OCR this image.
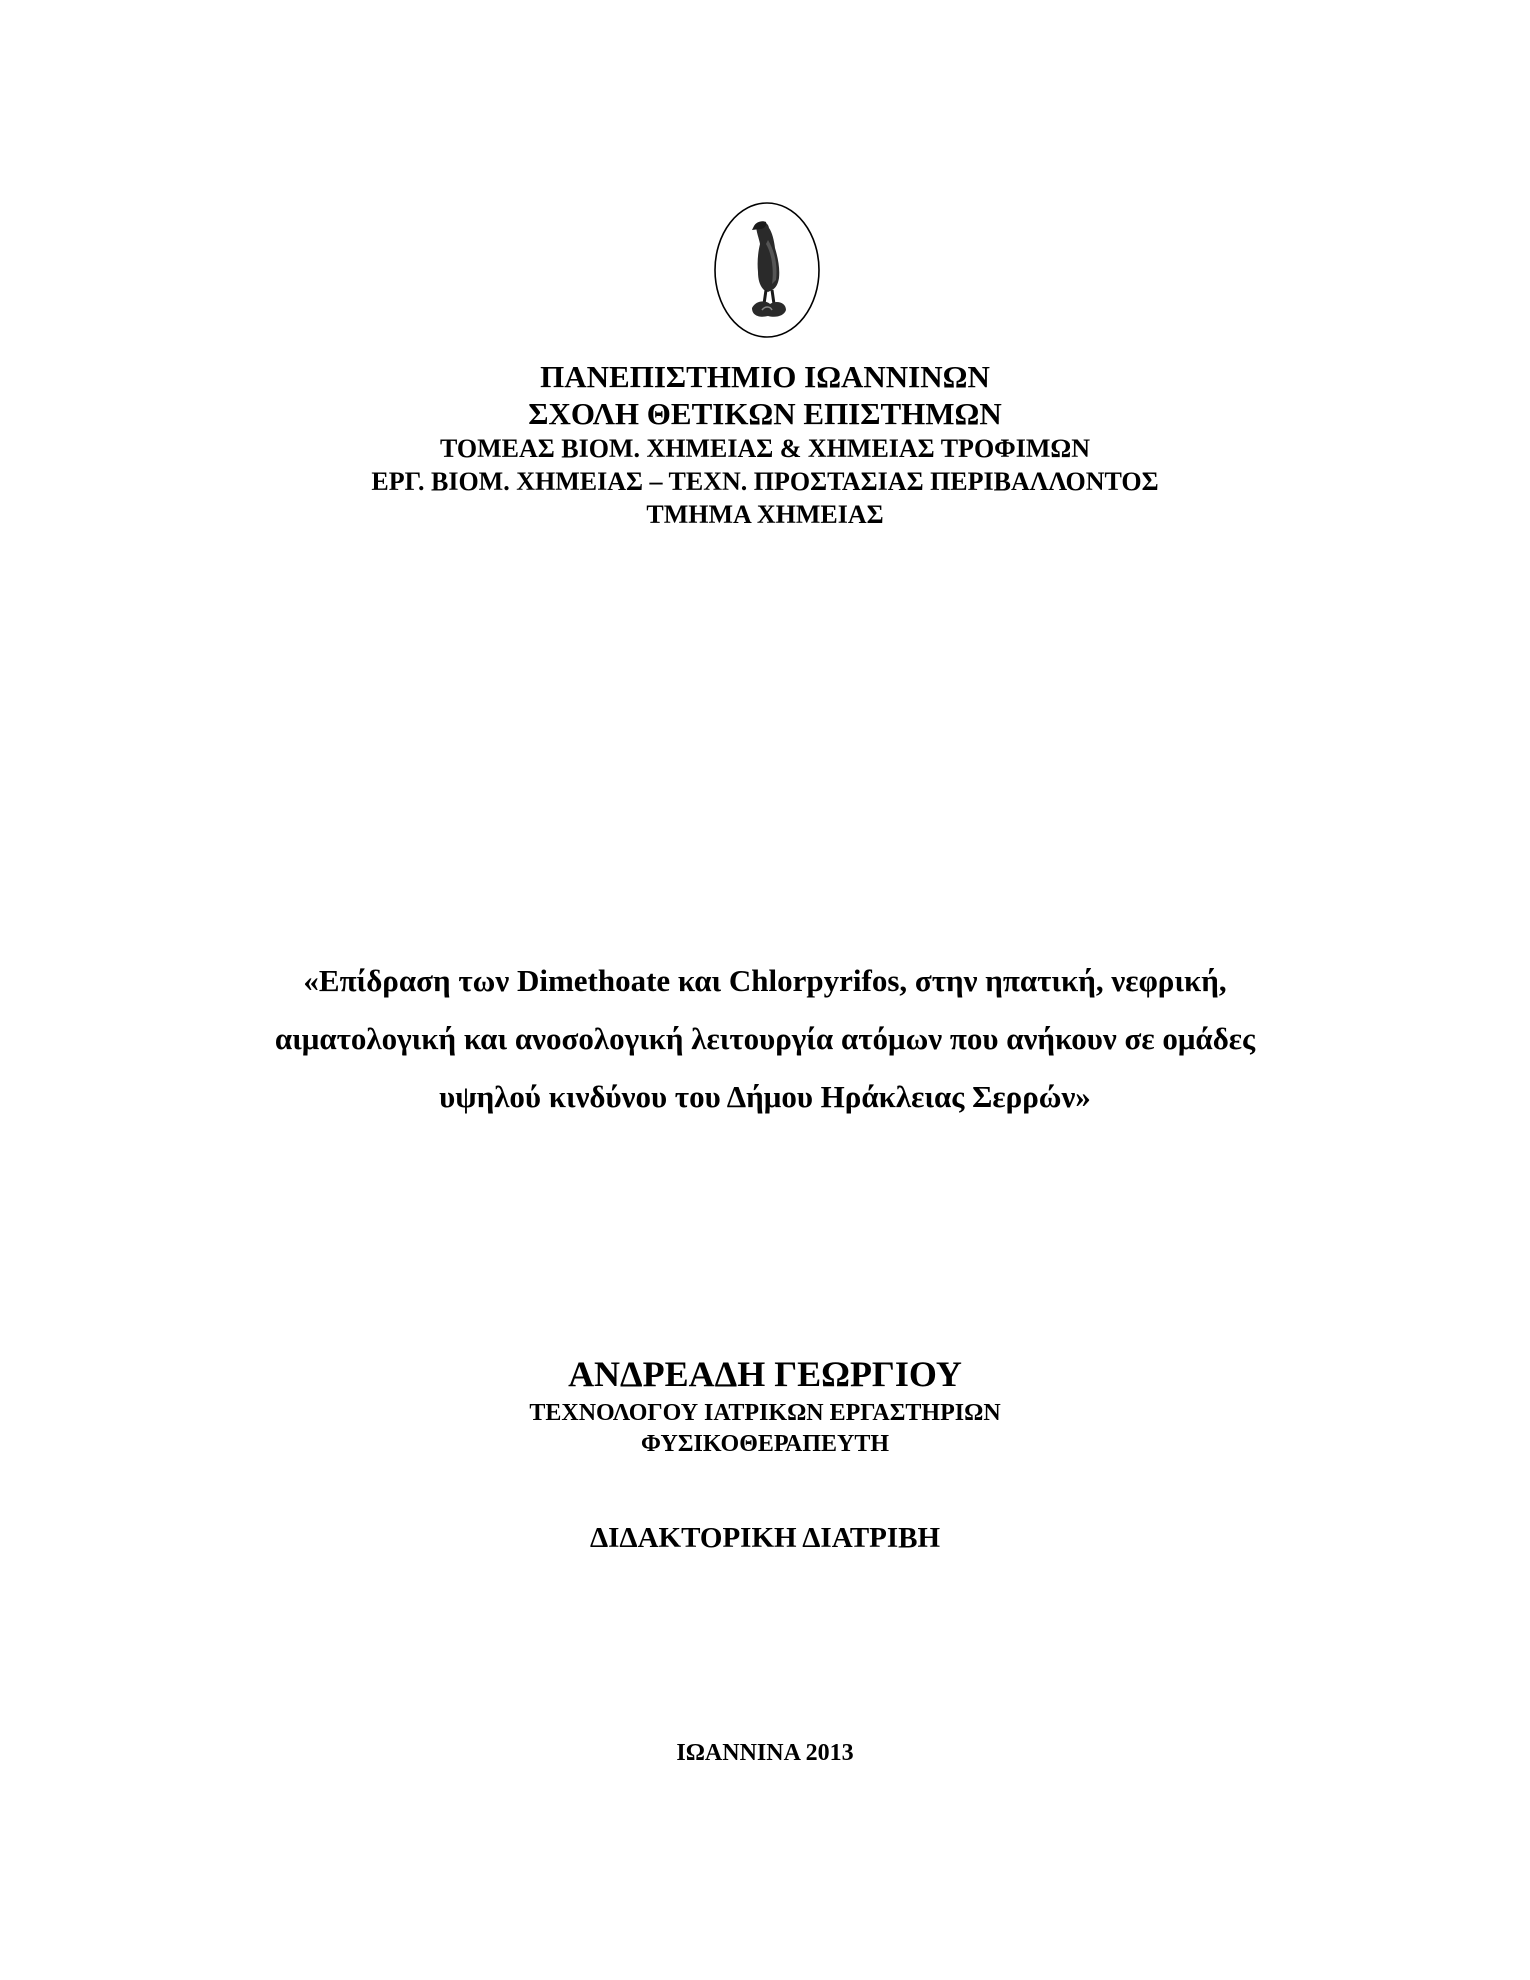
ΠΑΝΕΠΙΣΤΗΜΙΟ ΙΩΑΝΝΙΝΩΝ
ΣΧΟΛΗ ΘΕΤΙΚΩΝ ΕΠΙΣΤΗΜΩΝ
ΤΟΜΕΑΣ ΒΙΟΜ. ΧΗΜΕΙΑΣ & ΧΗΜΕΙΑΣ ΤΡΟΦΙΜΩΝ
ΕΡΓ. ΒΙΟΜ. ΧΗΜΕΙΑΣ – ΤΕΧΝ. ΠΡΟΣΤΑΣΙΑΣ ΠΕΡΙΒΑΛΛΟΝΤΟΣ
ΤΜΗΜΑ ΧΗΜΕΙΑΣ
«Επίδραση των Dimethoate και Chlorpyrifos, στην ηπατική, νεφρική,
αιματολογική και ανοσολογική λειτουργία ατόμων που ανήκουν σε ομάδες
υψηλού κινδύνου του Δήμου Ηράκλειας Σερρών»
ΑΝΔΡΕΑΔΗ ΓΕΩΡΓΙΟΥ
ΤΕΧΝΟΛΟΓΟΥ ΙΑΤΡΙΚΩΝ ΕΡΓΑΣΤΗΡΙΩΝ
ΦΥΣΙΚΟΘΕΡΑΠΕΥΤΗ
ΔΙΔΑΚΤΟΡΙΚΗ ΔΙΑΤΡΙΒΗ
ΙΩΑΝΝΙΝΑ 2013
